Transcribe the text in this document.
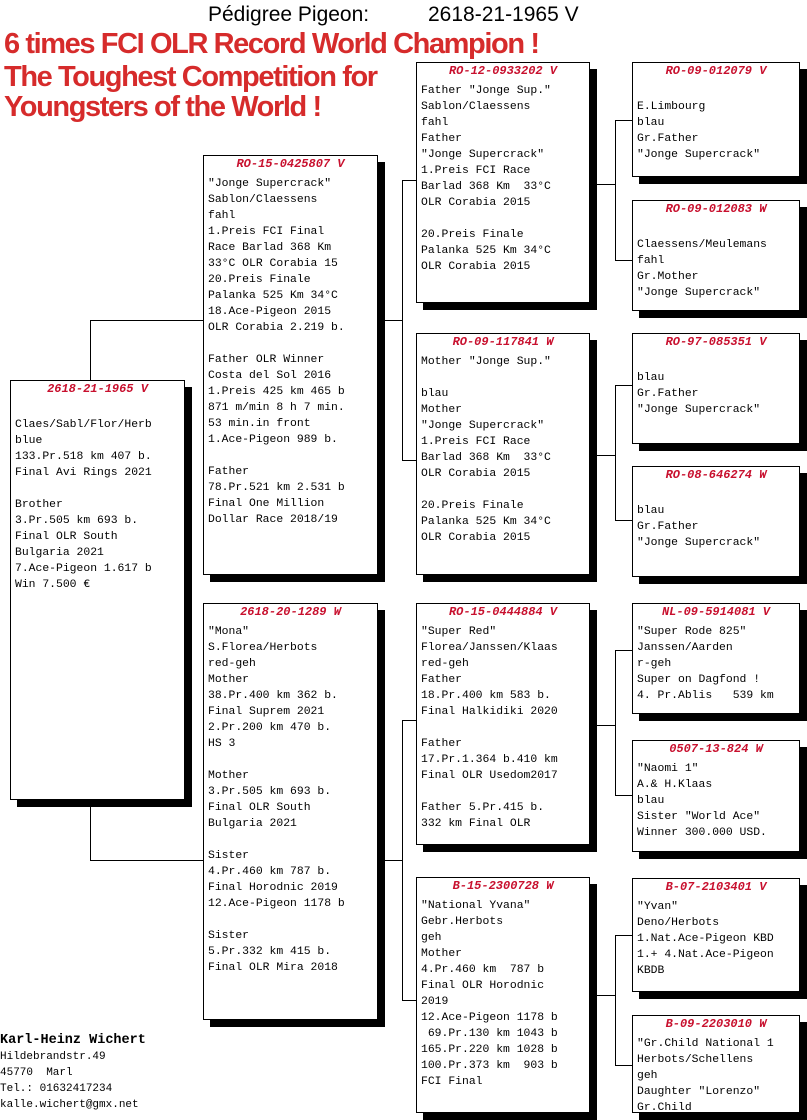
Pédigree Pigeon:	2618-21-1965 V
6 times FCI OLR Record World Champion !
The Toughest Competition for
Youngsters of the World !
2618-21-1965 V
Claes/Sabl/Flor/Herb
blue
133.Pr.518 km 407 b.
Final Avi Rings 2021
Brother
3.Pr.505 km 693 b.
Final OLR South
Bulgaria 2021
7.Ace-Pigeon 1.617 b
Win 7.500 €
RO-15-0425807 V
"Jonge Supercrack"
Sablon/Claessens
fahl
1.Preis FCI Final
Race Barlad 368 Km
33°C OLR Corabia 15
20.Preis Finale
Palanka 525 Km 34°C
18.Ace-Pigeon 2015
OLR Corabia 2.219 b.
Father OLR Winner
Costa del Sol 2016
1.Preis 425 km 465 b
871 m/min 8 h 7 min.
53 min.in front
1.Ace-Pigeon 989 b.
Father
78.Pr.521 km 2.531 b
Final One Million
Dollar Race 2018/19
2618-20-1289 W
"Mona"
S.Florea/Herbots
red-geh
Mother
38.Pr.400 km 362 b.
Final Suprem 2021
2.Pr.200 km 470 b.
HS 3
Mother
3.Pr.505 km 693 b.
Final OLR South
Bulgaria 2021
Sister
4.Pr.460 km 787 b.
Final Horodnic 2019
12.Ace-Pigeon 1178 b
Sister
5.Pr.332 km 415 b.
Final OLR Mira 2018
RO-12-0933202 V
Father "Jonge Sup."
Sablon/Claessens
fahl
Father
"Jonge Supercrack"
1.Preis FCI Race
Barlad 368 Km  33°C
OLR Corabia 2015
20.Preis Finale
Palanka 525 Km 34°C
OLR Corabia 2015
RO-09-117841 W
Mother "Jonge Sup."
blau
Mother
"Jonge Supercrack"
1.Preis FCI Race
Barlad 368 Km  33°C
OLR Corabia 2015
20.Preis Finale
Palanka 525 Km 34°C
OLR Corabia 2015
RO-15-0444884 V
"Super Red"
Florea/Janssen/Klaas
red-geh
Father
18.Pr.400 km 583 b.
Final Halkidiki 2020
Father
17.Pr.1.364 b.410 km
Final OLR Usedom2017
Father 5.Pr.415 b.
332 km Final OLR
B-15-2300728 W
"National Yvana"
Gebr.Herbots
geh
Mother
4.Pr.460 km  787 b
Final OLR Horodnic
2019
12.Ace-Pigeon 1178 b
69.Pr.130 km 1043 b
165.Pr.220 km 1028 b
100.Pr.373 km  903 b
FCI Final
RO-09-012079 V
E.Limbourg
blau
Gr.Father
"Jonge Supercrack"
RO-09-012083 W
Claessens/Meulemans
fahl
Gr.Mother
"Jonge Supercrack"
RO-97-085351 V
blau
Gr.Father
"Jonge Supercrack"
RO-08-646274 W
blau
Gr.Father
"Jonge Supercrack"
NL-09-5914081 V
"Super Rode 825"
Janssen/Aarden
r-geh
Super on Dagfond !
4. Pr.Ablis   539 km
0507-13-824 W
"Naomi 1"
A.& H.Klaas
blau
Sister "World Ace"
Winner 300.000 USD.
B-07-2103401 V
"Yvan"
Deno/Herbots
1.Nat.Ace-Pigeon KBD
1.+ 4.Nat.Ace-Pigeon
KBDB
B-09-2203010 W
"Gr.Child National 1
Herbots/Schellens
geh
Daughter "Lorenzo"
Gr.Child
Karl-Heinz Wichert
Hildebrandstr.49
45770  Marl
Tel.: 01632417234
kalle.wichert@gmx.net
